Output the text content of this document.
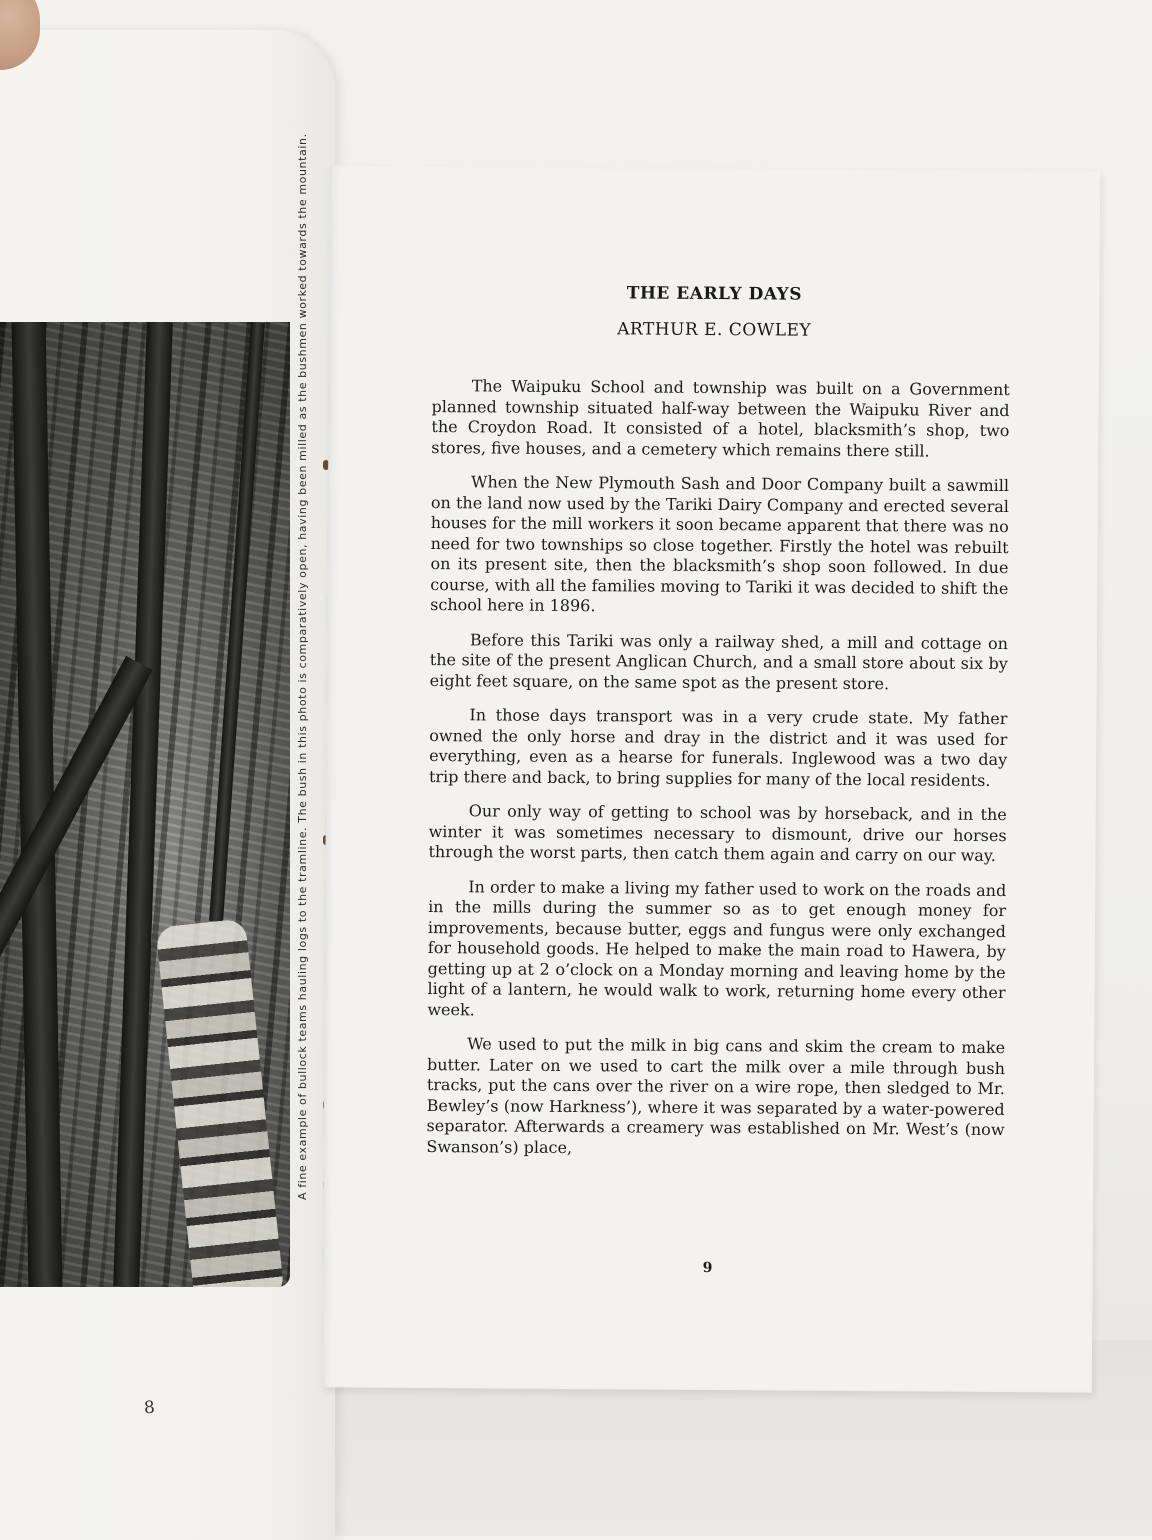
A fine example of bullock teams hauling logs to the tramline. The bush in this photo is comparatively open, having been milled as the bushmen worked towards the mountain.
8
THE EARLY DAYS
ARTHUR E. COWLEY

The Waipuku School and township was built on a Government planned township situated half-way between the Waipuku River and the Croydon Road. It consisted of a hotel, blacksmith’s shop, two stores, five houses, and a cemetery which remains there still.

When the New Plymouth Sash and Door Company built a sawmill on the land now used by the Tariki Dairy Company and erected several houses for the mill workers it soon became apparent that there was no need for two townships so close together. Firstly the hotel was rebuilt on its present site, then the blacksmith’s shop soon followed. In due course, with all the families moving to Tariki it was decided to shift the school here in 1896.

Before this Tariki was only a railway shed, a mill and cottage on the site of the present Anglican Church, and a small store about six by eight feet square, on the same spot as the present store.

In those days transport was in a very crude state. My father owned the only horse and dray in the district and it was used for everything, even as a hearse for funerals. Inglewood was a two day trip there and back, to bring supplies for many of the local residents.

Our only way of getting to school was by horseback, and in the winter it was sometimes necessary to dismount, drive our horses through the worst parts, then catch them again and carry on our way.

In order to make a living my father used to work on the roads and in the mills during the summer so as to get enough money for improvements, because butter, eggs and fungus were only exchanged for household goods. He helped to make the main road to Hawera, by getting up at 2 o’clock on a Monday morning and leaving home by the light of a lantern, he would walk to work, returning home every other week.

We used to put the milk in big cans and skim the cream to make butter. Later on we used to cart the milk over a mile through bush tracks, put the cans over the river on a wire rope, then sledged to Mr. Bewley’s (now Harkness’), where it was separated by a water-powered separator. Afterwards a creamery was established on Mr. West’s (now Swanson’s) place,

9
